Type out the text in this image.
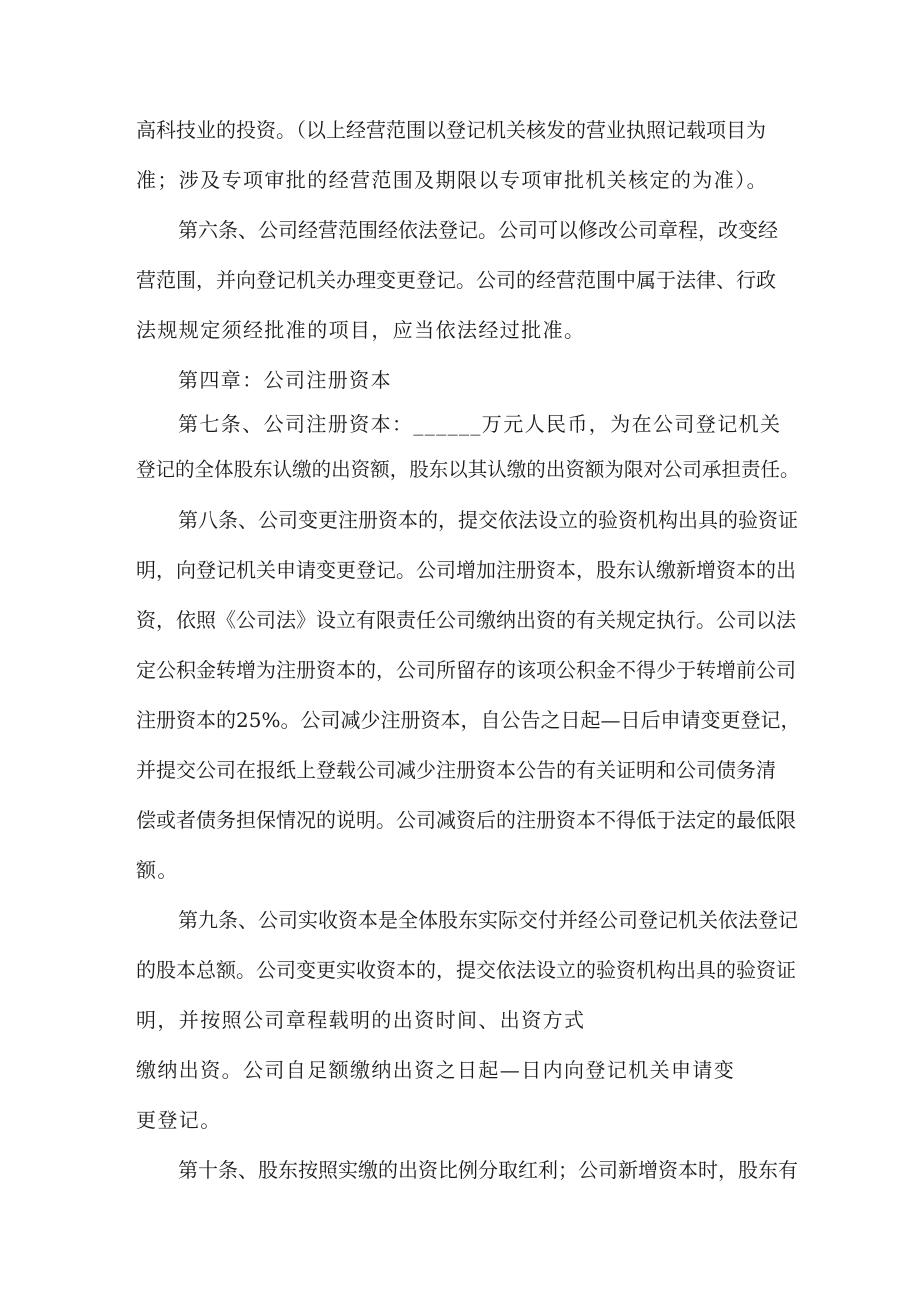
高科技业的投资。（以上经营范围以登记机关核发的营业执照记载项目为
准；涉及专项审批的经营范围及期限以专项审批机关核定的为准）。
第六条、公司经营范围经依法登记。公司可以修改公司章程，改变经
营范围，并向登记机关办理变更登记。公司的经营范围中属于法律、行政
法规规定须经批准的项目，应当依法经过批准。
第四章：公司注册资本
第七条、公司注册资本：______万元人民币，为在公司登记机关
登记的全体股东认缴的出资额，股东以其认缴的出资额为限对公司承担责任。
第八条、公司变更注册资本的，提交依法设立的验资机构出具的验资证
明，向登记机关申请变更登记。公司增加注册资本，股东认缴新增资本的出
资，依照《公司法》设立有限责任公司缴纳出资的有关规定执行。公司以法
定公积金转增为注册资本的，公司所留存的该项公积金不得少于转增前公司
注册资本的25%。公司减少注册资本，自公告之日起—日后申请变更登记，
并提交公司在报纸上登载公司减少注册资本公告的有关证明和公司债务清
偿或者债务担保情况的说明。公司减资后的注册资本不得低于法定的最低限
额。
第九条、公司实收资本是全体股东实际交付并经公司登记机关依法登记
的股本总额。公司变更实收资本的，提交依法设立的验资机构出具的验资证
明，并按照公司章程载明的出资时间、出资方式
缴纳出资。公司自足额缴纳出资之日起—日内向登记机关申请变
更登记。
第十条、股东按照实缴的出资比例分取红利；公司新增资本时，股东有
